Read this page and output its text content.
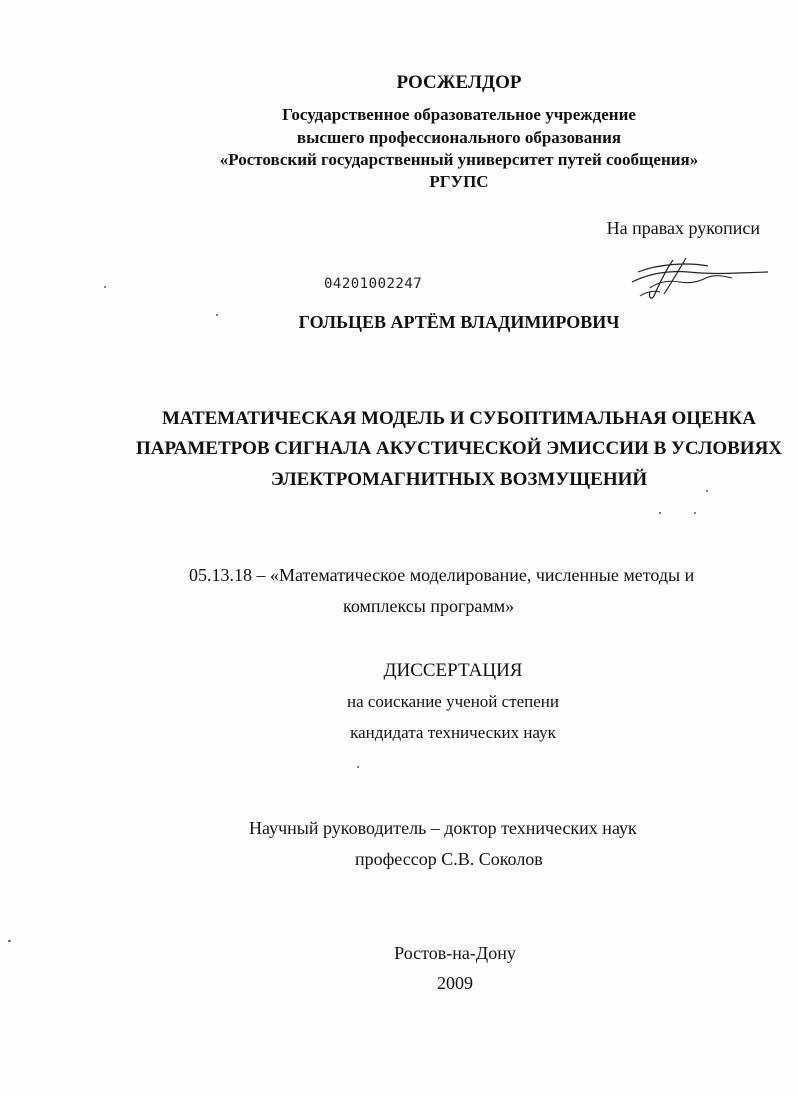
РОСЖЕЛДОР
Государственное образовательное учреждение
высшего профессионального образования
«Ростовский государственный университет путей сообщения»
РГУПС
На правах рукописи
04201002247
ГОЛЬЦЕВ АРТЁМ ВЛАДИМИРОВИЧ
МАТЕМАТИЧЕСКАЯ МОДЕЛЬ И СУБОПТИМАЛЬНАЯ ОЦЕНКА
ПАРАМЕТРОВ СИГНАЛА АКУСТИЧЕСКОЙ ЭМИССИИ В УСЛОВИЯХ
ЭЛЕКТРОМАГНИТНЫХ ВОЗМУЩЕНИЙ
05.13.18 – «Математическое моделирование, численные методы и
комплексы программ»
ДИССЕРТАЦИЯ
на соискание ученой степени
кандидата технических наук
Научный руководитель – доктор технических наук
профессор С.В. Соколов
Ростов-на-Дону
2009
